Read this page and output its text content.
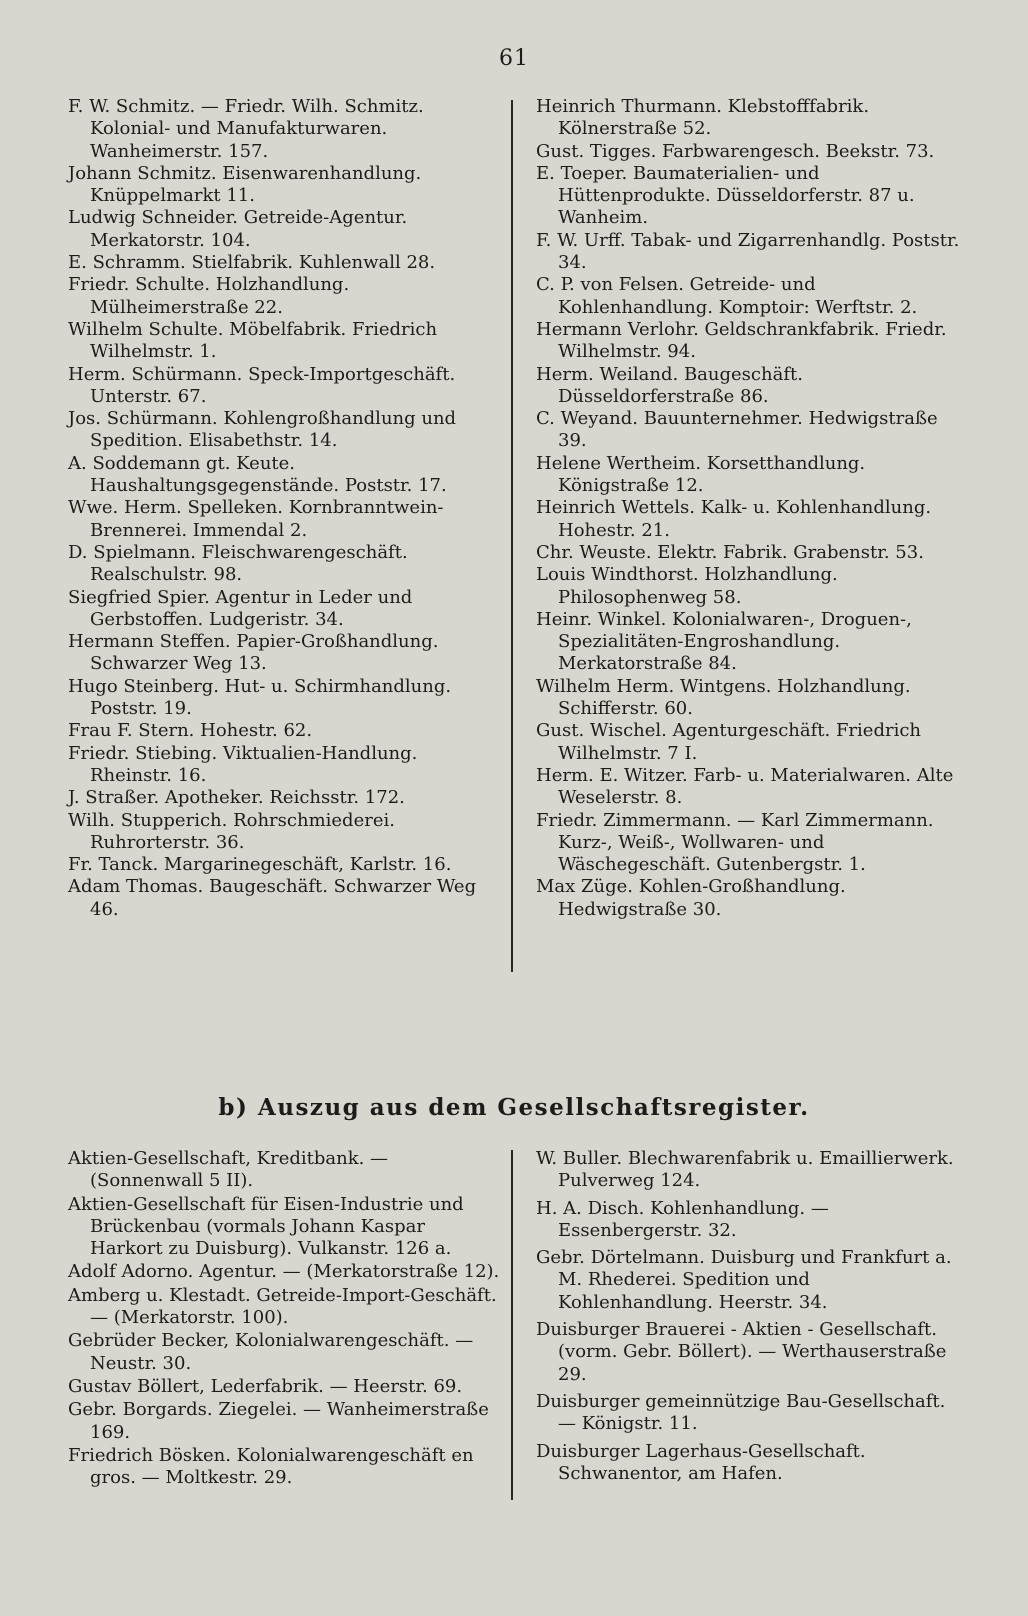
61

F. W. Schmitz. — Friedr. Wilh. Schmitz. Kolonial- und Manufakturwaren. Wanheimerstr. 157.

Johann Schmitz. Eisenwarenhandlung. Knüppelmarkt 11.

Ludwig Schneider. Getreide-Agentur. Merkatorstr. 104.

E. Schramm. Stielfabrik. Kuhlenwall 28.

Friedr. Schulte. Holzhandlung. Mülheimerstraße 22.

Wilhelm Schulte. Möbelfabrik. Friedrich Wilhelmstr. 1.

Herm. Schürmann. Speck-Importgeschäft. Unterstr. 67.

Jos. Schürmann. Kohlengroßhandlung und Spedition. Elisabethstr. 14.

A. Soddemann gt. Keute. Haushaltungsgegenstände. Poststr. 17.

Wwe. Herm. Spelleken. Kornbranntwein-Brennerei. Immendal 2.

D. Spielmann. Fleischwarengeschäft. Realschulstr. 98.

Siegfried Spier. Agentur in Leder und Gerbstoffen. Ludgeristr. 34.

Hermann Steffen. Papier-Großhandlung. Schwarzer Weg 13.

Hugo Steinberg. Hut- u. Schirmhandlung. Poststr. 19.

Frau F. Stern. Hohestr. 62.

Friedr. Stiebing. Viktualien-Handlung. Rheinstr. 16.

J. Straßer. Apotheker. Reichsstr. 172.

Wilh. Stupperich. Rohrschmiederei. Ruhrorterstr. 36.

Fr. Tanck. Margarinegeschäft, Karlstr. 16.

Adam Thomas. Baugeschäft. Schwarzer Weg 46.

Heinrich Thurmann. Klebstofffabrik. Kölnerstraße 52.

Gust. Tigges. Farbwarengesch. Beekstr. 73.

E. Toeper. Baumaterialien- und Hüttenprodukte. Düsseldorferstr. 87 u. Wanheim.

F. W. Urff. Tabak- und Zigarrenhandlg. Poststr. 34.

C. P. von Felsen. Getreide- und Kohlenhandlung. Komptoir: Werftstr. 2.

Hermann Verlohr. Geldschrankfabrik. Friedr. Wilhelmstr. 94.

Herm. Weiland. Baugeschäft. Düsseldorferstraße 86.

C. Weyand. Bauunternehmer. Hedwigstraße 39.

Helene Wertheim. Korsetthandlung. Königstraße 12.

Heinrich Wettels. Kalk- u. Kohlenhandlung. Hohestr. 21.

Chr. Weuste. Elektr. Fabrik. Grabenstr. 53.

Louis Windthorst. Holzhandlung. Philosophenweg 58.

Heinr. Winkel. Kolonialwaren-, Droguen-, Spezialitäten-Engroshandlung. Merkatorstraße 84.

Wilhelm Herm. Wintgens. Holzhandlung. Schifferstr. 60.

Gust. Wischel. Agenturgeschäft. Friedrich Wilhelmstr. 7 I.

Herm. E. Witzer. Farb- u. Materialwaren. Alte Weselerstr. 8.

Friedr. Zimmermann. — Karl Zimmermann. Kurz-, Weiß-, Wollwaren- und Wäschegeschäft. Gutenbergstr. 1.

Max Züge. Kohlen-Großhandlung. Hedwigstraße 30.

b) Auszug aus dem Gesellschaftsregister.

Aktien-Gesellschaft, Kreditbank. — (Sonnenwall 5 II).

Aktien-Gesellschaft für Eisen-Industrie und Brückenbau (vormals Johann Kaspar Harkort zu Duisburg). Vulkanstr. 126 a.

Adolf Adorno. Agentur. — (Merkatorstraße 12).

Amberg u. Klestadt. Getreide-Import-Geschäft. — (Merkatorstr. 100).

Gebrüder Becker, Kolonialwarengeschäft. — Neustr. 30.

Gustav Böllert, Lederfabrik. — Heerstr. 69.

Gebr. Borgards. Ziegelei. — Wanheimerstraße 169.

Friedrich Bösken. Kolonialwarengeschäft en gros. — Moltkestr. 29.

W. Buller. Blechwarenfabrik u. Emaillierwerk. Pulverweg 124.

H. A. Disch. Kohlenhandlung. — Essenbergerstr. 32.

Gebr. Dörtelmann. Duisburg und Frankfurt a. M. Rhederei. Spedition und Kohlenhandlung. Heerstr. 34.

Duisburger Brauerei - Aktien - Gesellschaft. (vorm. Gebr. Böllert). — Werthauserstraße 29.

Duisburger gemeinnützige Bau-Gesellschaft. — Königstr. 11.

Duisburger Lagerhaus-Gesellschaft. Schwanentor, am Hafen.
